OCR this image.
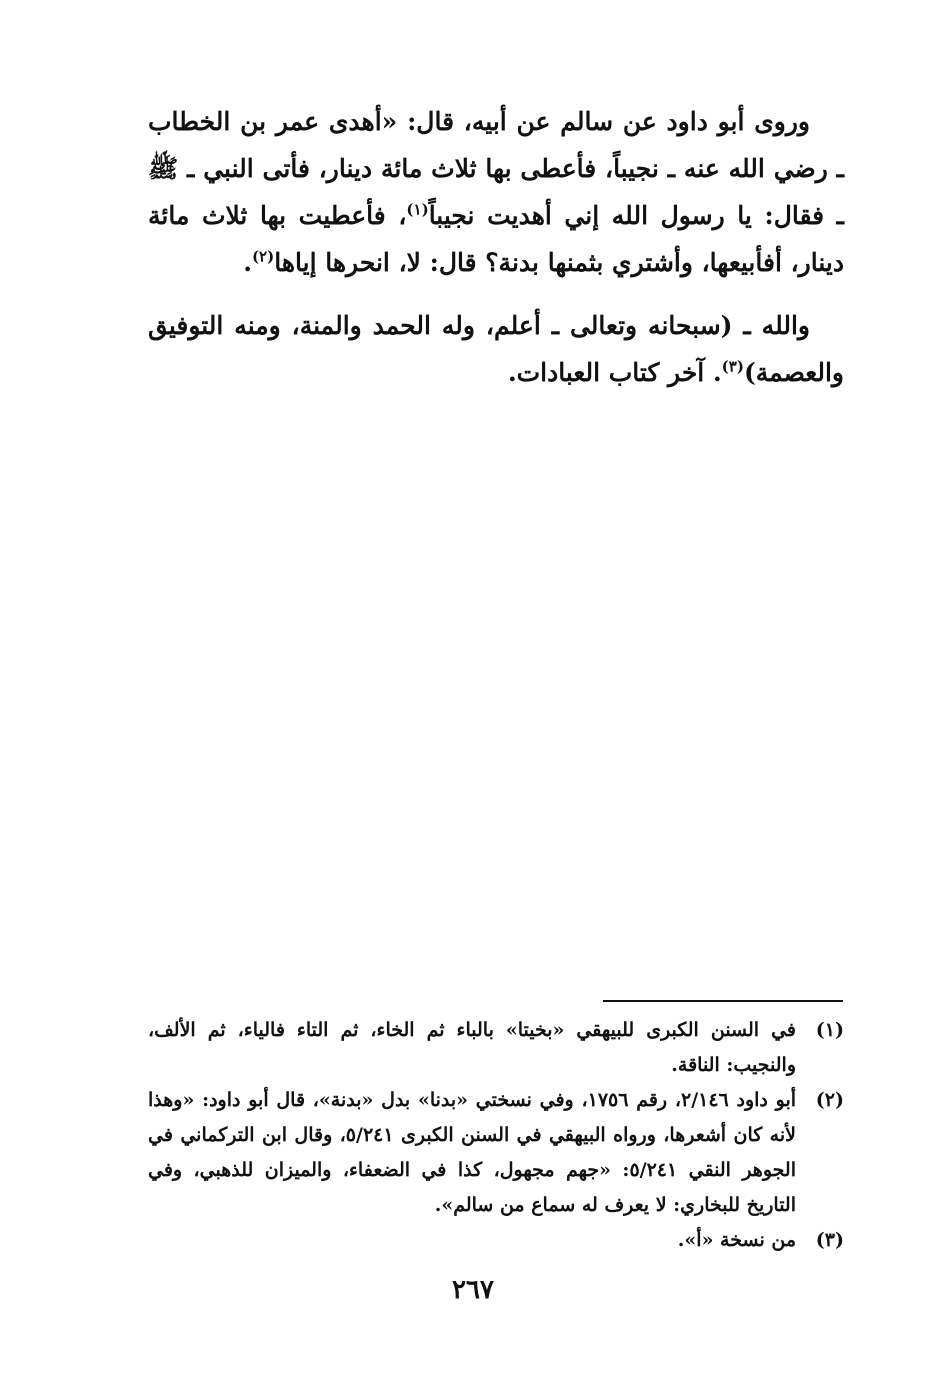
وروى أبو داود عن سالم عن أبيه، قال: «أهدى عمر بن الخطاب ـ رضي الله عنه ـ نجيباً، فأعطى بها ثلاث مائة دينار، فأتى النبي ـ ﷺ ـ فقال: يا رسول الله إني أهديت نجيباً$^{(١)}$، فأعطيت بها ثلاث مائة دينار، أفأبيعها، وأشتري بثمنها بدنة؟ قال: لا، انحرها إياها$^{(٢)}$.

والله ـ (سبحانه وتعالى ـ أعلم، وله الحمد والمنة، ومنه التوفيق والعصمة)$^{(٣)}$. آخر كتاب العبادات.

(١)
في السنن الكبرى للبيهقي «بخيتا» بالباء ثم الخاء، ثم التاء فالياء، ثم الألف، والنجيب: الناقة.
(٢)
أبو داود ٢/١٤٦، رقم ١٧٥٦، وفي نسختي «بدنا» بدل «بدنة»، قال أبو داود: «وهذا لأنه كان أشعرها، ورواه البيهقي في السنن الكبرى ٥/٢٤١، وقال ابن التركماني في الجوهر النقي ٥/٢٤١: «جهم مجهول، كذا في الضعفاء، والميزان للذهبي، وفي التاريخ للبخاري: لا يعرف له سماع من سالم».
(٣)
من نسخة «أ».
٢٦٧
